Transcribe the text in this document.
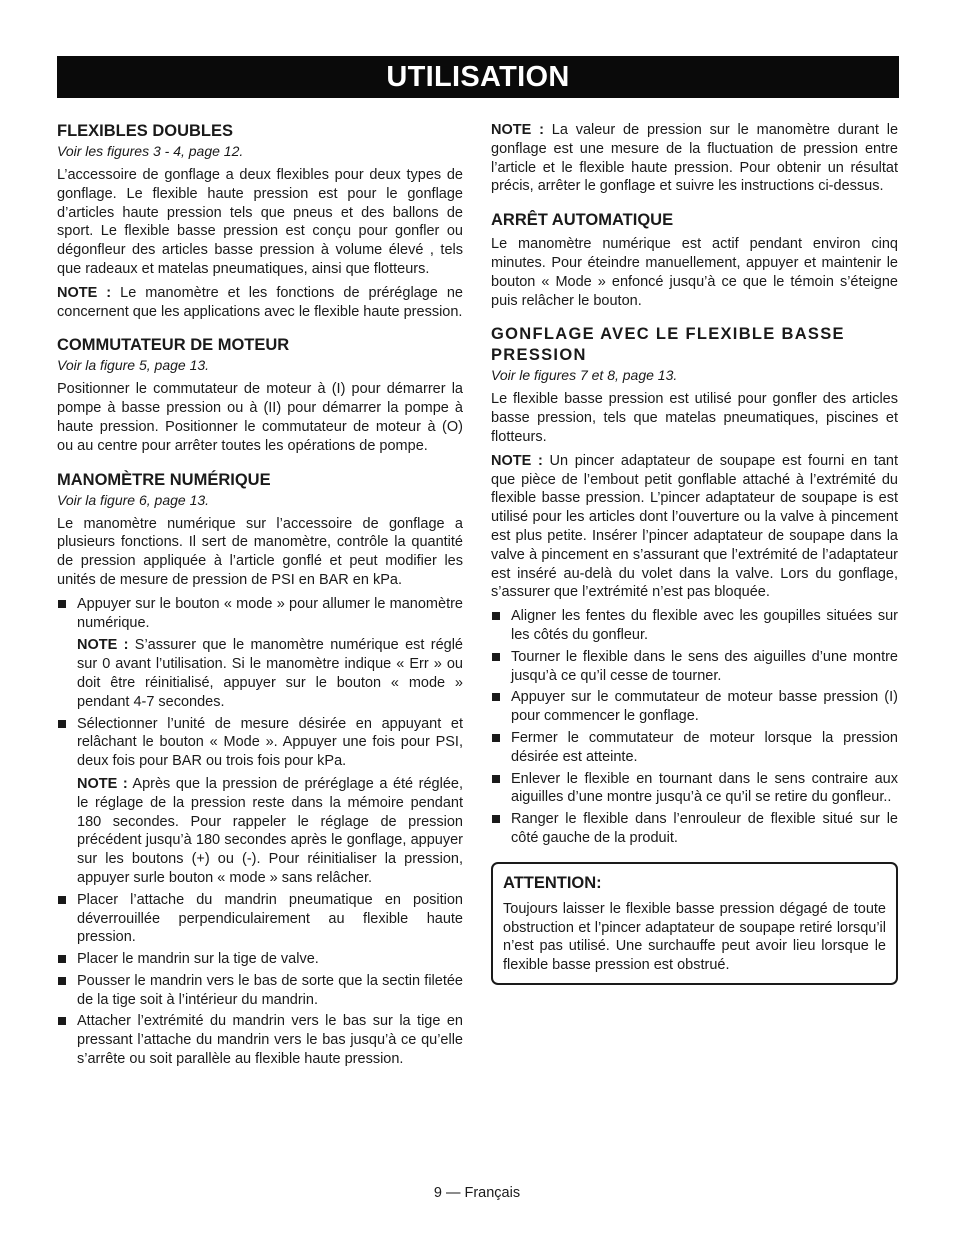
UTILISATION
FLEXIBLES DOUBLES
Voir les figures 3 - 4, page 12.

L’accessoire de gonflage a deux flexibles pour deux types de gonflage. Le flexible haute pression est pour le gonflage d’articles haute pression tels que pneus et des ballons de sport. Le flexible basse pression est conçu pour gonfler ou dégonfleur des articles basse pression à volume élevé , tels que radeaux et matelas pneumatiques, ainsi que flotteurs.

NOTE : Le manomètre et les fonctions de préréglage ne concernent que les applications avec le flexible haute pression.

COMMUTATEUR DE MOTEUR
Voir la figure 5, page 13.

Positionner le commutateur de moteur à (I) pour démarrer la pompe à basse pression ou à (II) pour démarrer la pompe à haute pression. Positionner le commutateur de moteur à (O) ou au centre pour arrêter toutes les opérations de pompe.

MANOMÈTRE NUMÉRIQUE
Voir la figure 6, page 13.

Le manomètre numérique sur l’accessoire de gonflage a plusieurs fonctions. Il sert de manomètre, contrôle la quantité de pression appliquée à l’article gonflé et peut modifier les unités de mesure de pression de PSI en BAR en kPa.

Appuyer sur le bouton « mode » pour allumer le manomètre numérique.

NOTE : S’assurer que le manomètre numérique est réglé sur 0 avant l’utilisation. Si le manomètre indique « Err » ou doit être réinitialisé, appuyer sur le bouton « mode » pendant 4-7 secondes.

Sélectionner l’unité de mesure désirée en appuyant et relâchant le bouton « Mode ». Appuyer une fois pour PSI, deux fois pour BAR ou trois fois pour kPa.

NOTE : Après que la pression de préréglage a été réglée, le réglage de la pression reste dans la mémoire pendant 180 secondes. Pour rappeler le réglage de pression précédent jusqu’à 180 secondes après le gonflage, appuyer sur les boutons (+) ou (-). Pour réinitialiser la pression, appuyer surle bouton « mode » sans relâcher.

Placer l’attache du mandrin pneumatique en position déverrouillée perpendiculairement au flexible haute pression.
Placer le mandrin sur la tige de valve.
Pousser le mandrin vers le bas de sorte que la sectin filetée de la tige soit à l’intérieur du mandrin.
Attacher l’extrémité du mandrin vers le bas sur la tige en pressant l’attache du mandrin vers le bas jusqu’à ce qu’elle s’arrête ou soit parallèle au flexible haute pression.

NOTE : La valeur de pression sur le manomètre durant le gonflage est une mesure de la fluctuation de pression entre l’article et le flexible haute pression. Pour obtenir un résultat précis, arrêter le gonflage et suivre les instructions ci-dessus.

ARRÊT AUTOMATIQUE

Le manomètre numérique est actif pendant environ cinq minutes. Pour éteindre manuellement, appuyer et maintenir le bouton « Mode » enfoncé jusqu’à ce que le témoin s’éteigne puis relâcher le bouton.

GONFLAGE AVEC LE FLEXIBLE BASSE PRESSION
Voir le figures 7 et 8, page 13.

Le flexible basse pression est utilisé pour gonfler des articles basse pression, tels que matelas pneumatiques, piscines et flotteurs.

NOTE : Un pincer adaptateur de soupape est fourni en tant que pièce de l’embout petit gonflable attaché à l’extrémité du flexible basse pression. L’pincer adaptateur de soupape is est utilisé pour les articles dont l’ouverture ou la valve à pincement est plus petite. Insérer l’pincer adaptateur de soupape dans la valve à pincement en s’assurant que l’extrémité de l’adaptateur est inséré au-delà du volet dans la valve. Lors du gonflage, s’assurer que l’extrémité n’est pas bloquée.

Aligner les fentes du flexible avec les goupilles situées sur les côtés du gonfleur.
Tourner le flexible dans le sens des aiguilles d’une montre jusqu’à ce qu’il cesse de tourner.
Appuyer sur le commutateur de moteur basse pression (I) pour commencer le gonflage.
Fermer le commutateur de moteur lorsque la pression désirée est atteinte.
Enlever le flexible en tournant dans le sens contraire aux aiguilles d’une montre jusqu’à ce qu’il se retire du gonfleur..
Ranger le flexible dans l’enrouleur de flexible situé sur le côté gauche de la produit.
ATTENTION:

Toujours laisser le flexible basse pression dégagé de toute obstruction et l’pincer adaptateur de soupape retiré lorsqu’il n’est pas utilisé. Une surchauffe peut avoir lieu lorsque le flexible basse pression est obstrué.

9 — Français
